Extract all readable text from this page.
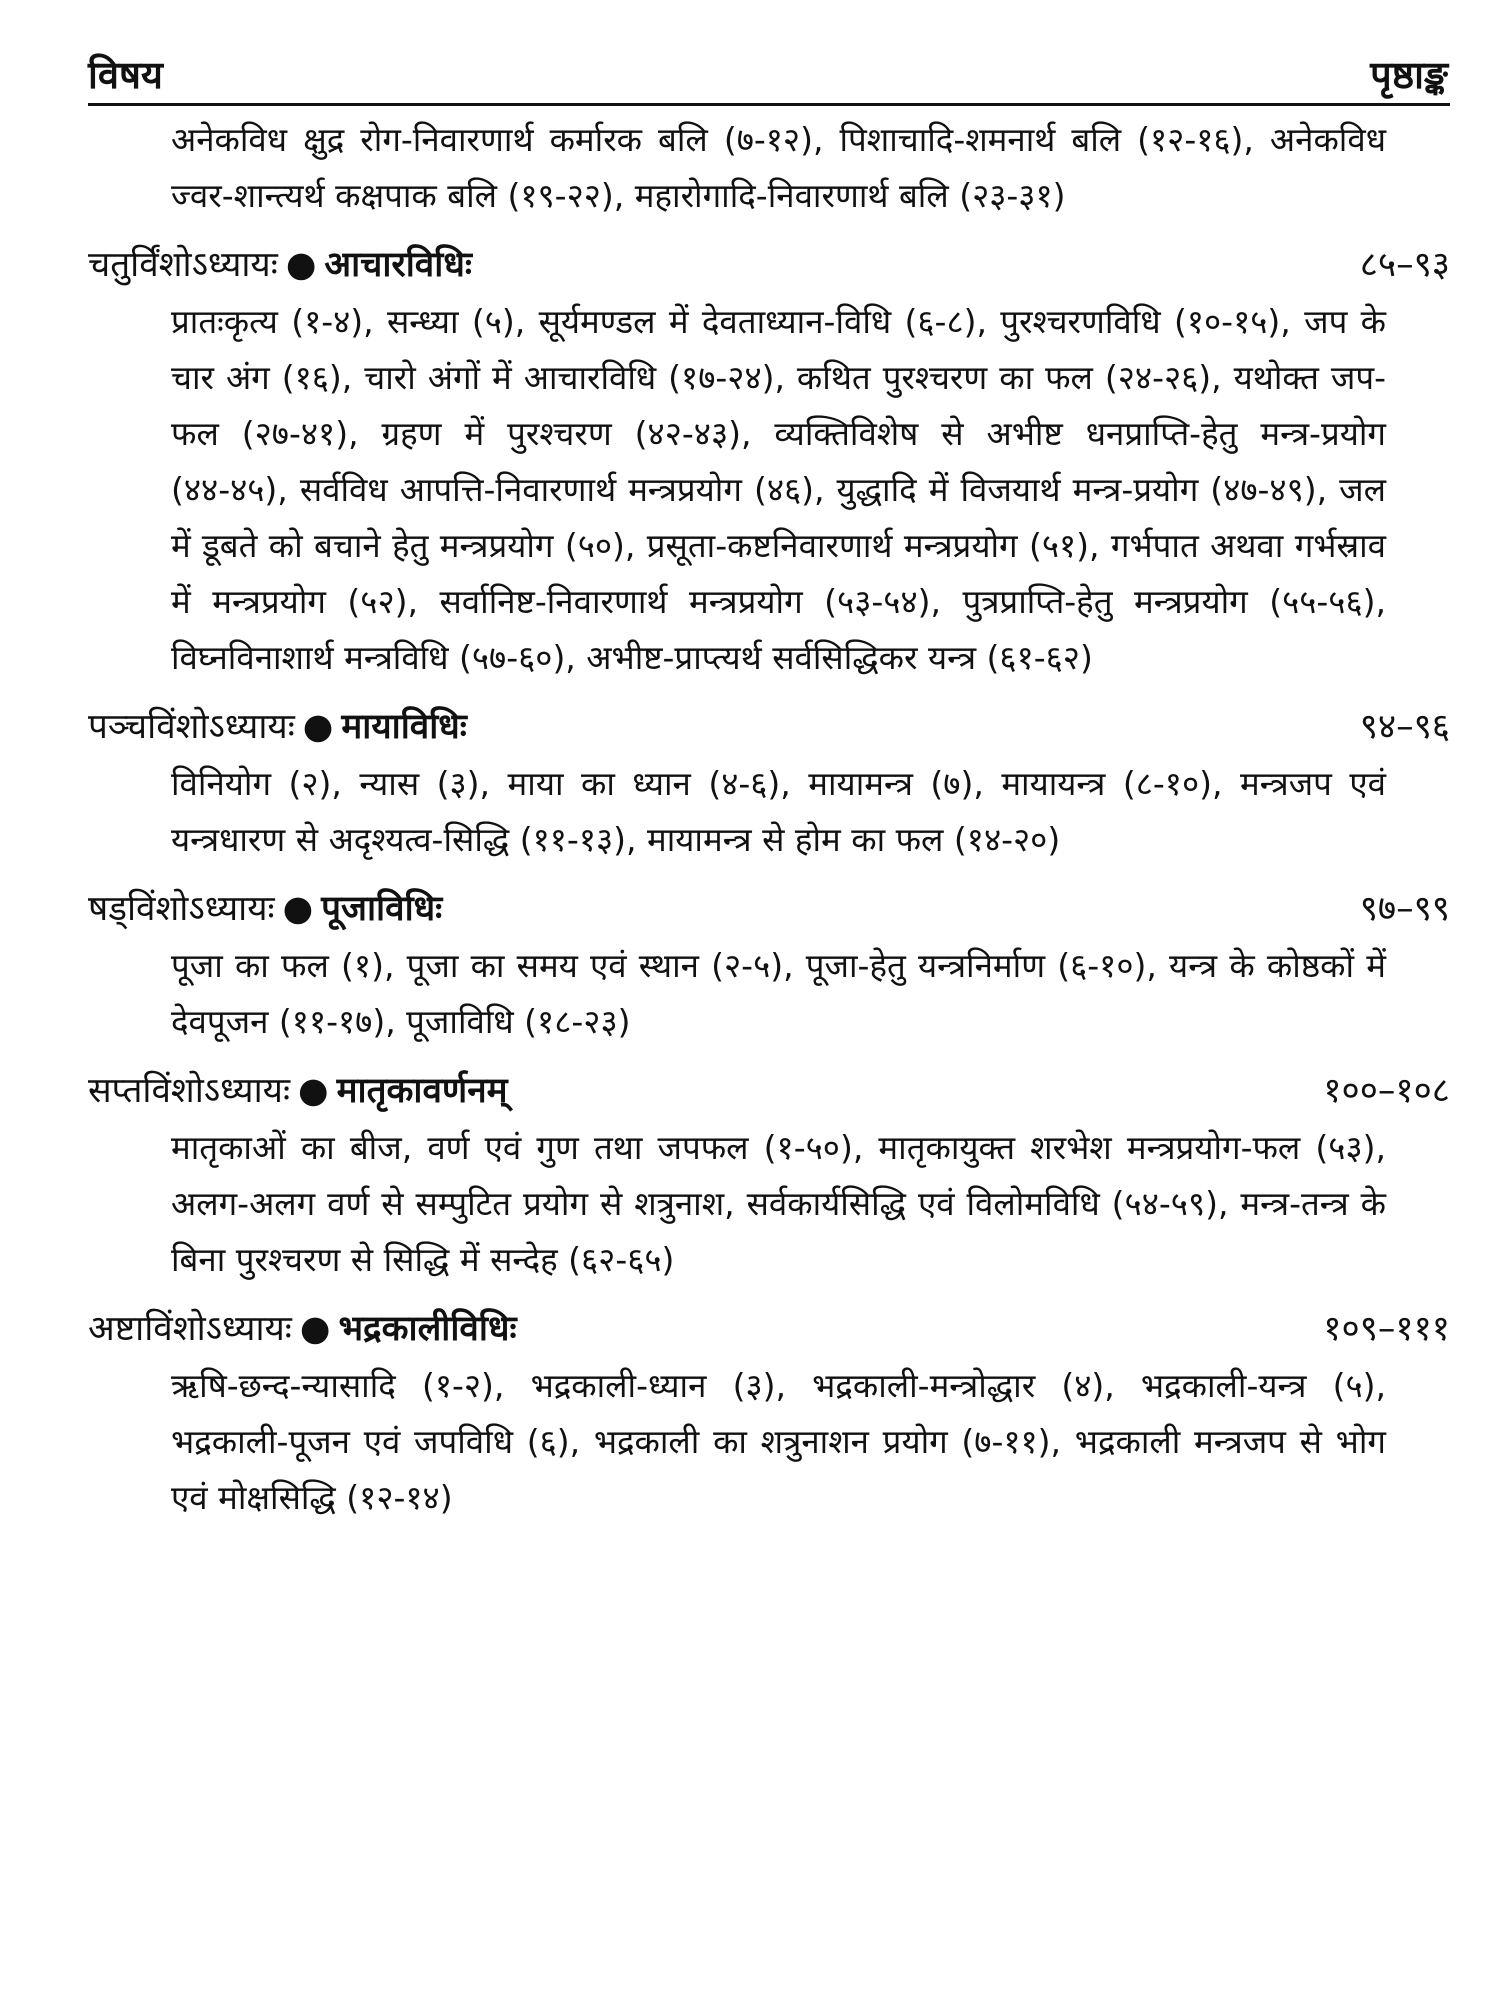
विषय	पृष्ठाङ्क
अनेकविध क्षुद्र रोग-निवारणार्थ कर्मारक बलि (७-१२), पिशाचादि-शमनार्थ बलि (१२-१६), अनेकविध ज्वर-शान्त्यर्थ कक्षपाक बलि (१९-२२), महारोगादि-निवारणार्थ बलि (२३-३१)
चतुर्विंशोऽध्यायः ● आचारविधिः	८५–९३
प्रातःकृत्य (१-४), सन्ध्या (५), सूर्यमण्डल में देवताध्यान-विधि (६-८), पुरश्चरणविधि (१०-१५), जप के चार अंग (१६), चारो अंगों में आचारविधि (१७-२४), कथित पुरश्चरण का फल (२४-२६), यथोक्त जप-फल (२७-४१), ग्रहण में पुरश्चरण (४२-४३), व्यक्तिविशेष से अभीष्ट धनप्राप्ति-हेतु मन्त्र-प्रयोग (४४-४५), सर्वविध आपत्ति-निवारणार्थ मन्त्रप्रयोग (४६), युद्धादि में विजयार्थ मन्त्र-प्रयोग (४७-४९), जल में डूबते को बचाने हेतु मन्त्रप्रयोग (५०), प्रसूता-कष्टनिवारणार्थ मन्त्रप्रयोग (५१), गर्भपात अथवा गर्भस्राव में मन्त्रप्रयोग (५२), सर्वानिष्ट-निवारणार्थ मन्त्रप्रयोग (५३-५४), पुत्रप्राप्ति-हेतु मन्त्रप्रयोग (५५-५६), विघ्नविनाशार्थ मन्त्रविधि (५७-६०), अभीष्ट-प्राप्त्यर्थ सर्वसिद्धिकर यन्त्र (६१-६२)
पञ्चविंशोऽध्यायः ● मायाविधिः	९४–९६
विनियोग (२), न्यास (३), माया का ध्यान (४-६), मायामन्त्र (७), मायायन्त्र (८-१०), मन्त्रजप एवं यन्त्रधारण से अदृश्यत्व-सिद्धि (११-१३), मायामन्त्र से होम का फल (१४-२०)
षड्विंशोऽध्यायः ● पूजाविधिः	९७–९९
पूजा का फल (१), पूजा का समय एवं स्थान (२-५), पूजा-हेतु यन्त्रनिर्माण (६-१०), यन्त्र के कोष्ठकों में देवपूजन (११-१७), पूजाविधि (१८-२३)
सप्तविंशोऽध्यायः ● मातृकावर्णनम्	१००–१०८
मातृकाओं का बीज, वर्ण एवं गुण तथा जपफल (१-५०), मातृकायुक्त शरभेश मन्त्रप्रयोग-फल (५३), अलग-अलग वर्ण से सम्पुटित प्रयोग से शत्रुनाश, सर्वकार्यसिद्धि एवं विलोमविधि (५४-५९), मन्त्र-तन्त्र के बिना पुरश्चरण से सिद्धि में सन्देह (६२-६५)
अष्टाविंशोऽध्यायः ● भद्रकालीविधिः	१०९–१११
ऋषि-छन्द-न्यासादि (१-२), भद्रकाली-ध्यान (३), भद्रकाली-मन्त्रोद्धार (४), भद्रकाली-यन्त्र (५), भद्रकाली-पूजन एवं जपविधि (६), भद्रकाली का शत्रुनाशन प्रयोग (७-११), भद्रकाली मन्त्रजप से भोग एवं मोक्षसिद्धि (१२-१४)
